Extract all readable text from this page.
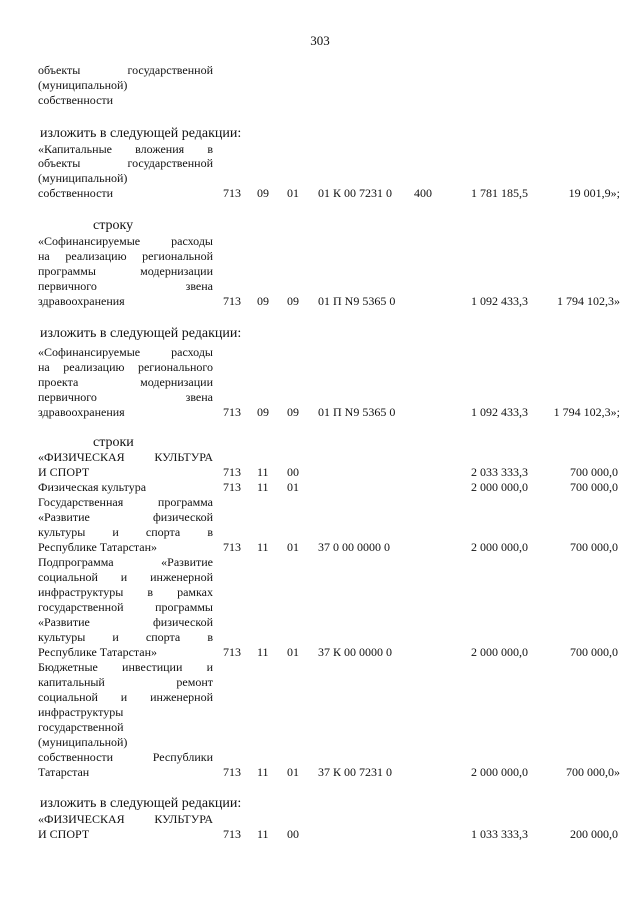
303
объекты государственной
(муниципальной)
собственности
изложить в следующей редакции:
«Капитальные вложения в
объекты государственной
(муниципальной)
собственности	713 09 01 01 К 00 7231 0 400	1 781 185,5	19 001,9»;
строку
«Софинансируемые расходы
на реализацию региональной
программы модернизации
первичного звена
здравоохранения	713 09 09 01 П N9 5365 0	1 092 433,3	1 794 102,3»
изложить в следующей редакции:
«Софинансируемые расходы
на реализацию регионального
проекта модернизации
первичного звена
здравоохранения	713 09 09 01 П N9 5365 0	1 092 433,3	1 794 102,3»;
строки
«ФИЗИЧЕСКАЯ КУЛЬТУРА
И СПОРТ	713 11 00	2 033 333,3	700 000,0
Физическая культура	713 11 01	2 000 000,0	700 000,0
Государственная программа
«Развитие физической
культуры и спорта в
Республике Татарстан»	713 11 01 37 0 00 0000 0	2 000 000,0	700 000,0
Подпрограмма «Развитие
социальной и инженерной
инфраструктуры в рамках
государственной программы
«Развитие физической
культуры и спорта в
Республике Татарстан»	713 11 01 37 К 00 0000 0	2 000 000,0	700 000,0
Бюджетные инвестиции и
капитальный ремонт
социальной и инженерной
инфраструктуры
государственной
(муниципальной)
собственности Республики
Татарстан	713 11 01 37 К 00 7231 0	2 000 000,0	700 000,0»
изложить в следующей редакции:
«ФИЗИЧЕСКАЯ КУЛЬТУРА
И СПОРТ	713 11 00	1 033 333,3	200 000,0
